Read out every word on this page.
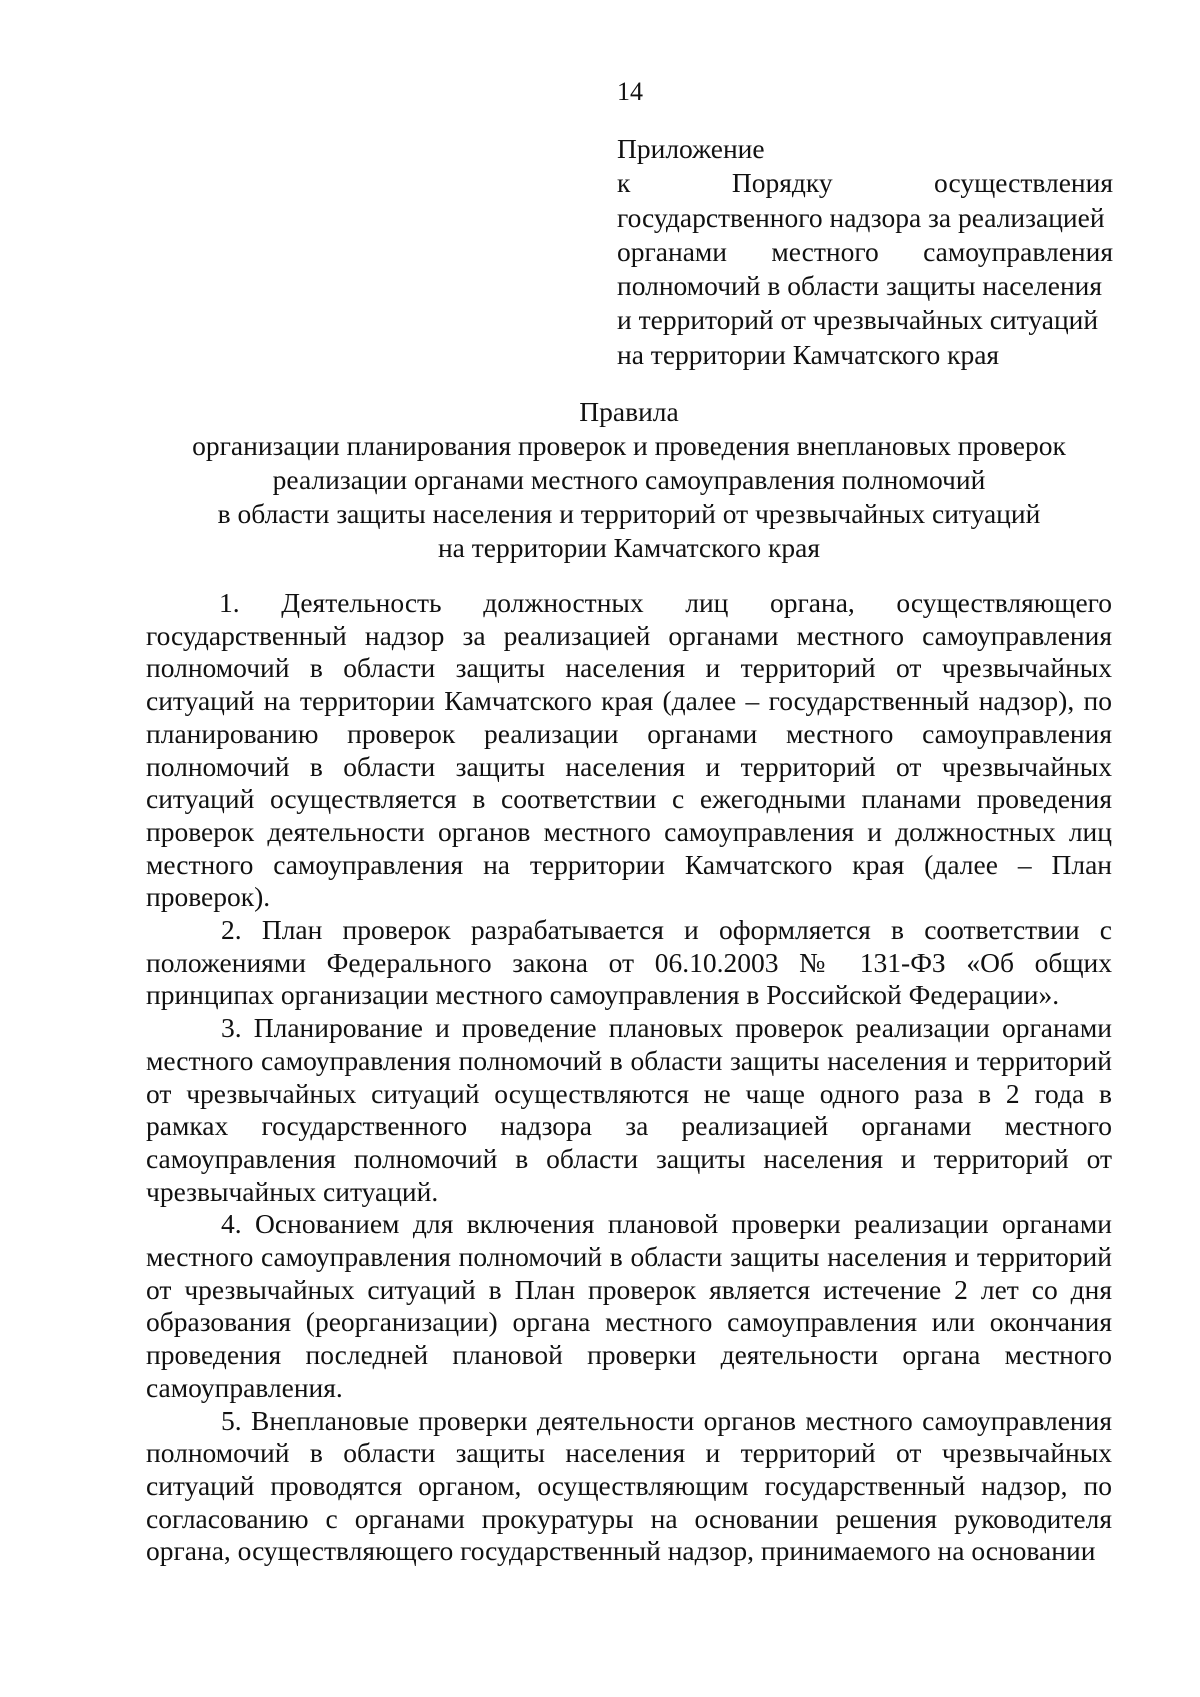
14
Приложение
к	Порядку	осуществления
государственного надзора за реализацией
органами местного самоуправления
полномочий в области защиты населения
и территорий от чрезвычайных ситуаций
на территории Камчатского края
Правила
организации планирования проверок и проведения внеплановых проверок
реализации органами местного самоуправления полномочий
в области защиты населения и территорий от чрезвычайных ситуаций
на территории Камчатского края

1. Деятельность должностных лиц органа, осуществляющего государственный надзор за реализацией органами местного самоуправления полномочий в области защиты населения и территорий от чрезвычайных ситуаций на территории Камчатского края (далее – государственный надзор), по планированию проверок реализации органами местного самоуправления полномочий в области защиты населения и территорий от чрезвычайных ситуаций осуществляется в соответствии с ежегодными планами проведения проверок деятельности органов местного самоуправления и должностных лиц местного самоуправления на территории Камчатского края (далее – План проверок).

2. План проверок разрабатывается и оформляется в соответствии с положениями Федерального закона от 06.10.2003 № 131-ФЗ «Об общих принципах организации местного самоуправления в Российской Федерации».

3. Планирование и проведение плановых проверок реализации органами местного самоуправления полномочий в области защиты населения и территорий от чрезвычайных ситуаций осуществляются не чаще одного раза в 2 года в рамках государственного надзора за реализацией органами местного самоуправления полномочий в области защиты населения и территорий от чрезвычайных ситуаций.

4. Основанием для включения плановой проверки реализации органами местного самоуправления полномочий в области защиты населения и территорий от чрезвычайных ситуаций в План проверок является истечение 2 лет со дня образования (реорганизации) органа местного самоуправления или окончания проведения последней плановой проверки деятельности органа местного самоуправления.

5. Внеплановые проверки деятельности органов местного самоуправления полномочий в области защиты населения и территорий от чрезвычайных ситуаций проводятся органом, осуществляющим государственный надзор, по согласованию с органами прокуратуры на основании решения руководителя органа, осуществляющего государственный надзор, принимаемого на основании
